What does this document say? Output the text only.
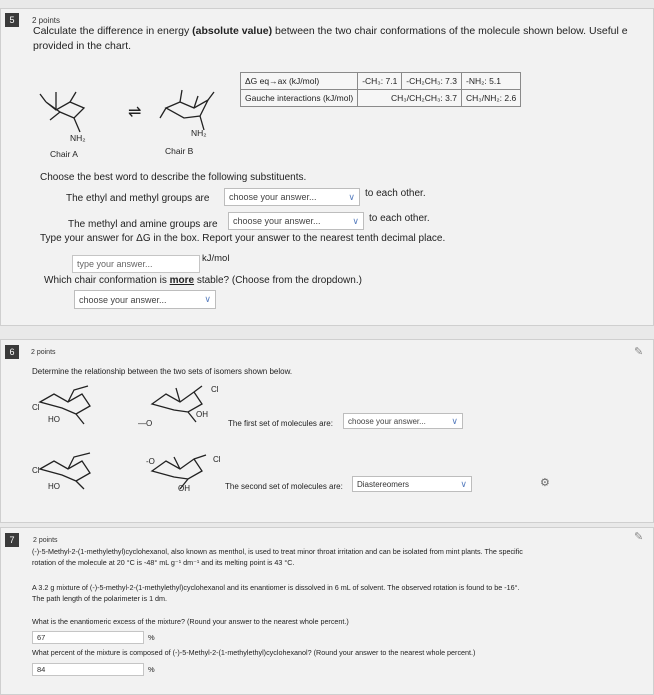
5	2 points
Calculate the difference in energy (absolute value) between the two chair conformations of the molecule shown below. Useful e
provided in the chart.
NH₂
Chair A
⇌
NH₂
Chair B
ΔG eq→ax (kJ/mol)	-CH₃: 7.1	-CH₂CH₃: 7.3	-NH₂: 5.1
Gauche interactions (kJ/mol)	CH₃/CH₂CH₃: 3.7		CH₃/NH₂: 2.6
Choose the best word to describe the following substituents.
The ethyl and methyl groups are choose your answer...	∨ to each other.
The methyl and amine groups are choose your answer...	∨ to each other.
Type your answer for ΔG in the box. Report your answer to the nearest tenth decimal place.
type your answer...	kJ/mol
Which chair conformation is more stable? (Choose from the dropdown.)
choose your answer...	∨
6	2 points	✎
Determine the relationship between the two sets of isomers shown below.
Cl
HO	—O
OH
Cl
The first set of molecules are: choose your answer...	∨
Cl
HO
-O
OH
Cl
The second set of molecules are: Diastereomers	∨	⚙
7	2 points	✎
(-)-5-Methyl-2-(1-methylethyl)cyclohexanol, also known as menthol, is used to treat minor throat irritation and can be isolated from mint plants. The specific
rotation of the molecule at 20 °C is -48° mL g⁻¹ dm⁻¹ and its melting point is 43 °C.
A 3.2 g mixture of (-)-5-methyl-2-(1-methylethyl)cyclohexanol and its enantiomer is dissolved in 6 mL of solvent. The observed rotation is found to be -16°.
The path length of the polarimeter is 1 dm.
What is the enantiomeric excess of the mixture? (Round your answer to the nearest whole percent.)
67	%
What percent of the mixture is composed of (-)-5-Methyl-2-(1-methylethyl)cyclohexanol? (Round your answer to the nearest whole percent.)
84	%
